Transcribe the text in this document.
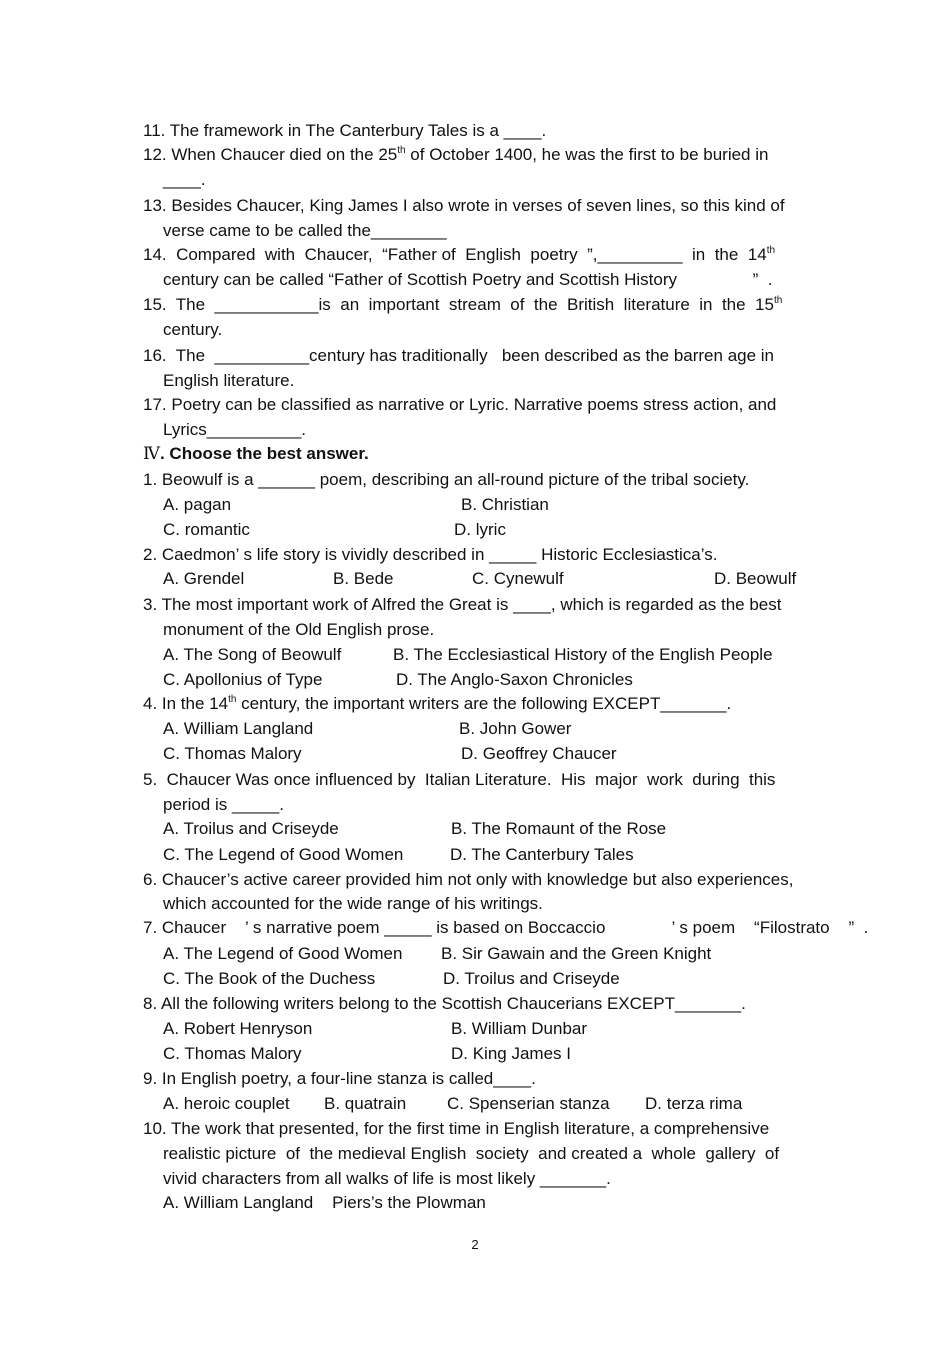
11. The framework in The Canterbury Tales is a ____.
12. When Chaucer died on the 25th of October 1400, he was the first to be buried in
____.
13. Besides Chaucer, King James I also wrote in verses of seven lines, so this kind of
verse came to be called the________
14.  Compared  with  Chaucer,  “Father of  English  poetry  ”,_________  in  the  14th
century can be called “Father of Scottish Poetry and Scottish History                ”  .
15.  The  ___________is  an  important  stream  of  the  British  literature  in  the  15th
century.
16.  The  __________century has traditionally   been described as the barren age in
English literature.
17. Poetry can be classified as narrative or Lyric. Narrative poems stress action, and
Lyrics__________.
Ⅳ. Choose the best answer.
1. Beowulf is a ______ poem, describing an all-round picture of the tribal society.
A. pagan	B. Christian
C. romantic	D. lyric
2. Caedmon’ s life story is vividly described in _____ Historic Ecclesiastica’s.
A. Grendel	B. Bede	C. Cynewulf	D. Beowulf
3. The most important work of Alfred the Great is ____, which is regarded as the best
monument of the Old English prose.
A. The Song of Beowulf	B. The Ecclesiastical History of the English People
C. Apollonius of Type	D. The Anglo-Saxon Chronicles
4. In the 14th century, the important writers are the following EXCEPT_______.
A. William Langland	B. John Gower
C. Thomas Malory	D. Geoffrey Chaucer
5.  Chaucer Was once influenced by  Italian Literature.  His  major  work  during  this
period is _____.
A. Troilus and Criseyde	B. The Romaunt of the Rose
C. The Legend of Good Women	D. The Canterbury Tales
6. Chaucer’s active career provided him not only with knowledge but also experiences,
which accounted for the wide range of his writings.
7. Chaucer    ’ s narrative poem _____ is based on Boccaccio              ’ s poem    “Filostrato    ”  .
A. The Legend of Good Women B. Sir Gawain and the Green Knight
C. The Book of the Duchess	D. Troilus and Criseyde
8. All the following writers belong to the Scottish Chaucerians EXCEPT_______.
A. Robert Henryson	B. William Dunbar
C. Thomas Malory	D. King James I
9. In English poetry, a four-line stanza is called____.
A. heroic couplet B. quatrain C. Spenserian stanza D. terza rima
10. The work that presented, for the first time in English literature, a comprehensive
realistic picture  of  the medieval English  society  and created a  whole  gallery  of
vivid characters from all walks of life is most likely _______.
A. William Langland    Piers’s the Plowman
2
